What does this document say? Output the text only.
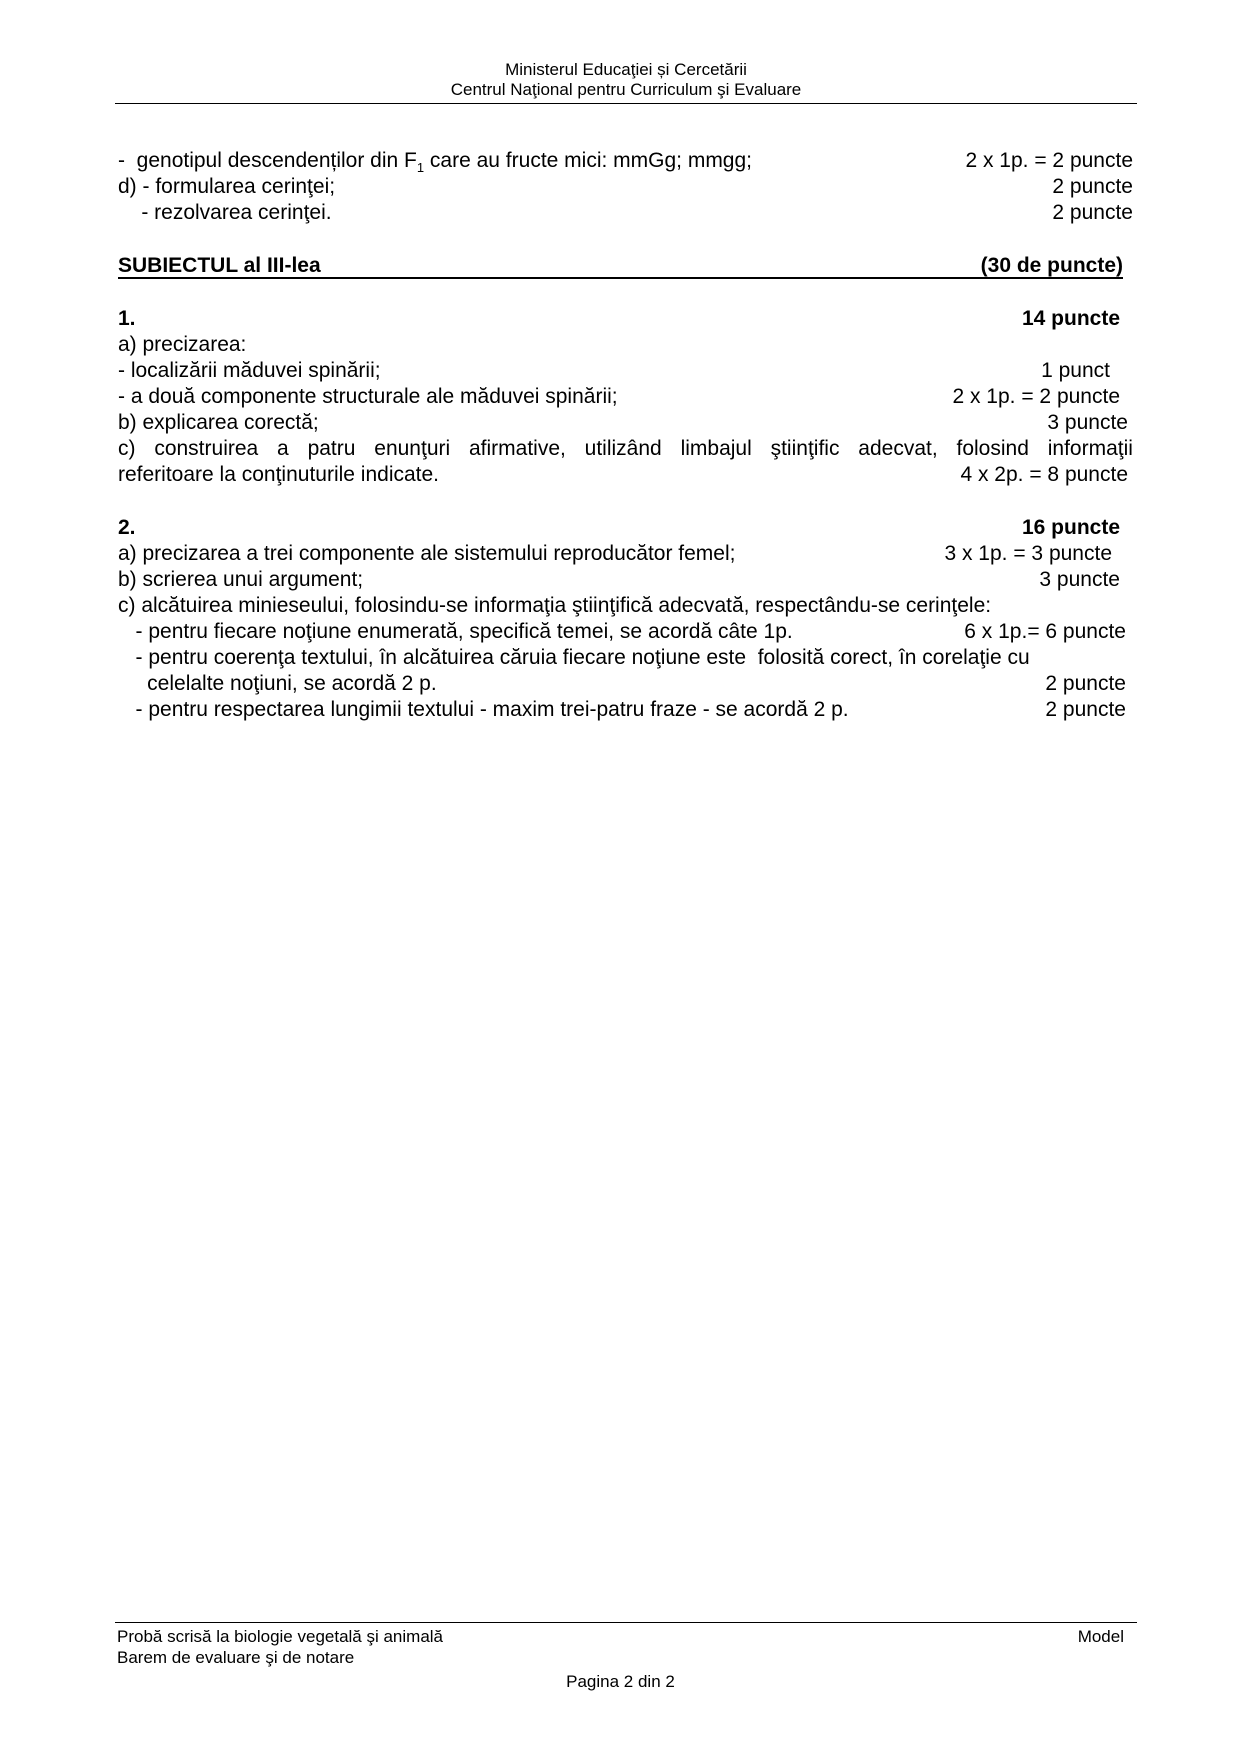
Ministerul Educaţiei și Cercetării
Centrul Naţional pentru Curriculum şi Evaluare
-  genotipul descendenților din $F_1$ care au fructe mici: mmGg; mmgg;	2 x 1p. = 2 puncte
d) - formularea cerinţei;	2 puncte
- rezolvarea cerinţei.	2 puncte
SUBIECTUL al III-lea	(30 de puncte)
1.	14 puncte
a) precizarea:
- localizării măduvei spinării;	1 punct
- a două componente structurale ale măduvei spinării;	2 x 1p. = 2 puncte
b) explicarea corectă;	3 puncte
c) construirea a patru enunţuri afirmative, utilizând limbajul ştiinţific adecvat, folosind informaţii
referitoare la conţinuturile indicate.	4 x 2p. = 8 puncte
2.	16 puncte
a) precizarea a trei componente ale sistemului reproducător femel;	3 x 1p. = 3 puncte
b) scrierea unui argument;	3 puncte
c) alcătuirea minieseului, folosindu-se informaţia ştiinţifică adecvată, respectându-se cerinţele:
- pentru fiecare noţiune enumerată, specifică temei, se acordă câte 1p.	6 x 1p.= 6 puncte
- pentru coerenţa textului, în alcătuirea căruia fiecare noţiune este  folosită corect, în corelaţie cu
celelalte noţiuni, se acordă 2 p.	2 puncte
- pentru respectarea lungimii textului - maxim trei-patru fraze - se acordă 2 p.	2 puncte
Probă scrisă la biologie vegetală şi animală
Barem de evaluare şi de notare
Model
Pagina 2 din 2
